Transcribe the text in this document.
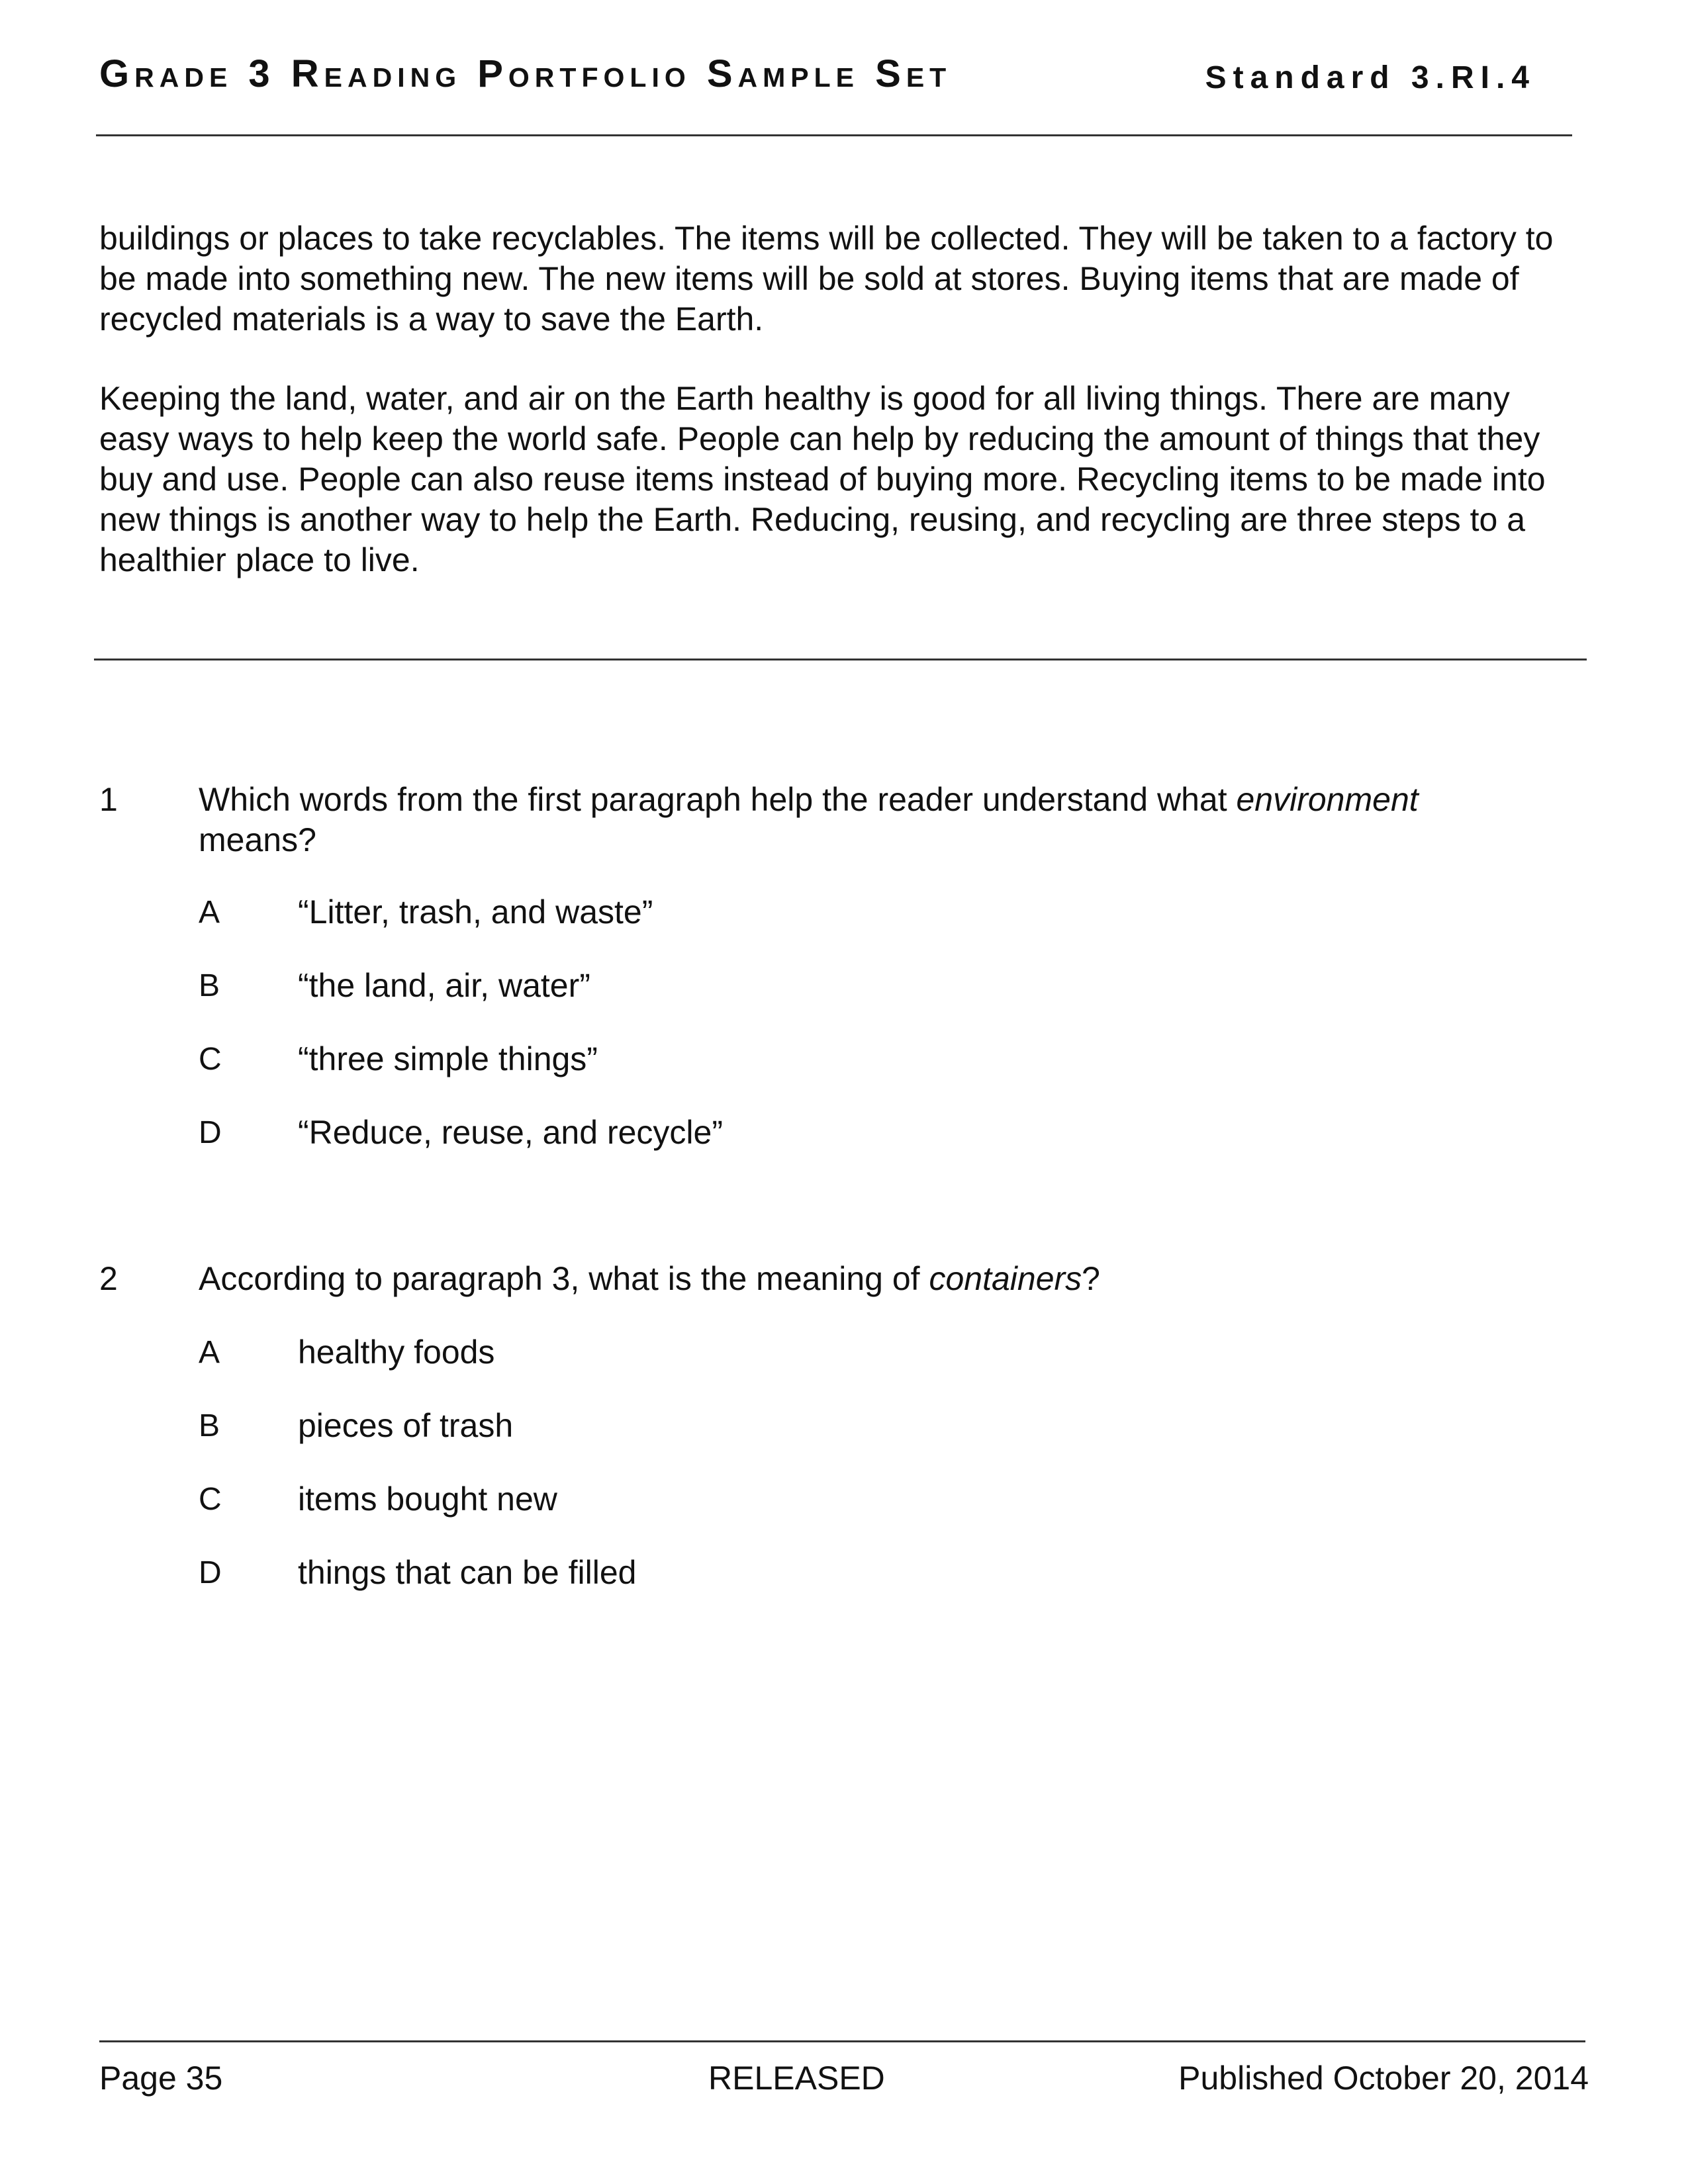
Grade 3 Reading Portfolio Sample Set	Standard 3.RI.4

buildings or places to take recyclables. The items will be collected. They will be taken to a factory to be made into something new. The new items will be sold at stores. Buying items that are made of recycled materials is a way to save the Earth.

Keeping the land, water, and air on the Earth healthy is good for all living things. There are many easy ways to help keep the world safe. People can help by reducing the amount of things that they buy and use. People can also reuse items instead of buying more. Recycling items to be made into new things is another way to help the Earth. Reducing, reusing, and recycling are three steps to a healthier place to live.

1 Which words from the first paragraph help the reader understand what environment means?
A “Litter, trash, and waste”
B “the land, air, water”
C “three simple things”
D “Reduce, reuse, and recycle”
2 According to paragraph 3, what is the meaning of containers?
A healthy foods
B pieces of trash
C items bought new
D things that can be filled
Page 35	RELEASED	Published October 20, 2014
